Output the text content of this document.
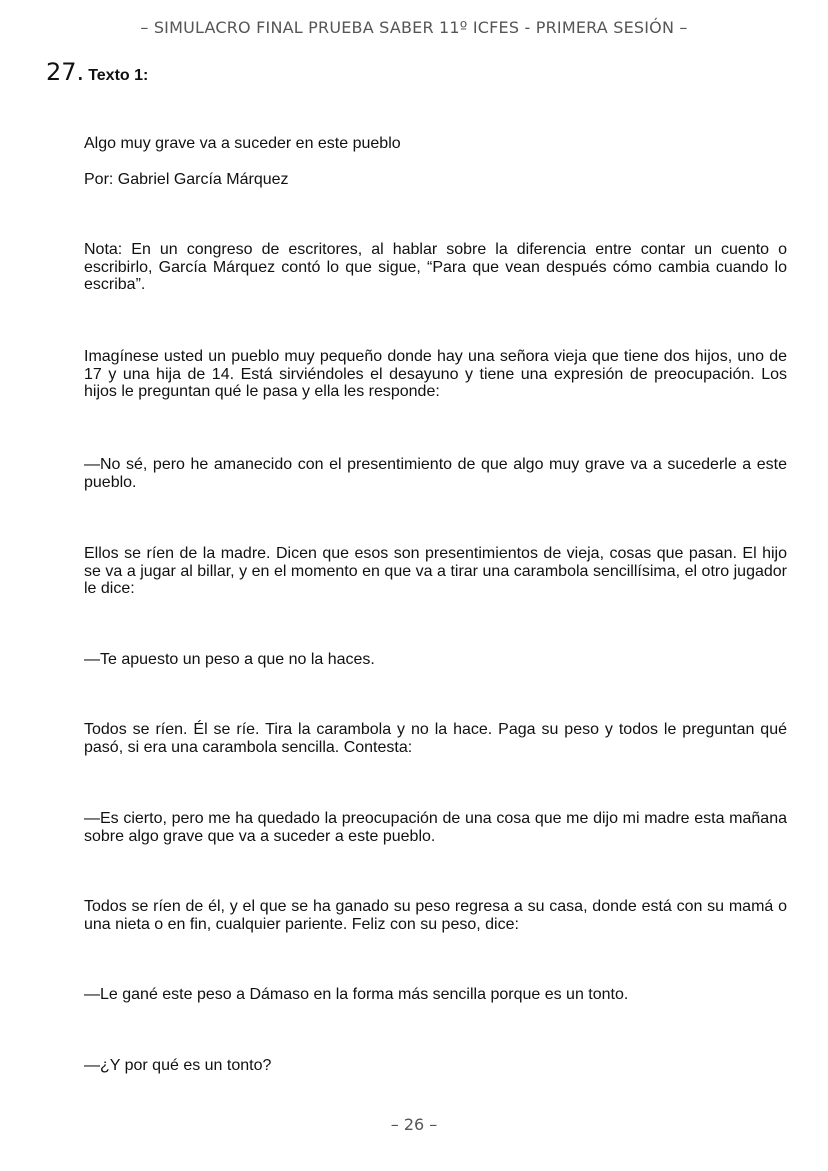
– SIMULACRO FINAL PRUEBA SABER 11º ICFES - PRIMERA SESIÓN –
27 . Texto 1:

Algo muy grave va a suceder en este pueblo

Por: Gabriel García Márquez

Nota: En un congreso de escritores, al hablar sobre la diferencia entre contar un cuento o escribirlo, García Márquez contó lo que sigue, “Para que vean después cómo cambia cuando lo escriba”.

Imagínese usted un pueblo muy pequeño donde hay una señora vieja que tiene dos hijos, uno de 17 y una hija de 14. Está sirviéndoles el desayuno y tiene una expresión de preocupación. Los hijos le preguntan qué le pasa y ella les responde:

—No sé, pero he amanecido con el presentimiento de que algo muy grave va a sucederle a este pueblo.

Ellos se ríen de la madre. Dicen que esos son presentimientos de vieja, cosas que pasan. El hijo se va a jugar al billar, y en el momento en que va a tirar una carambola sencillísima, el otro jugador le dice:

—Te apuesto un peso a que no la haces.

Todos se ríen. Él se ríe. Tira la carambola y no la hace. Paga su peso y todos le preguntan qué pasó, si era una carambola sencilla. Contesta:

—Es cierto, pero me ha quedado la preocupación de una cosa que me dijo mi madre esta mañana sobre algo grave que va a suceder a este pueblo.

Todos se ríen de él, y el que se ha ganado su peso regresa a su casa, donde está con su mamá o una nieta o en fin, cualquier pariente. Feliz con su peso, dice:

—Le gané este peso a Dámaso en la forma más sencilla porque es un tonto.

—¿Y por qué es un tonto?

– 26 –
